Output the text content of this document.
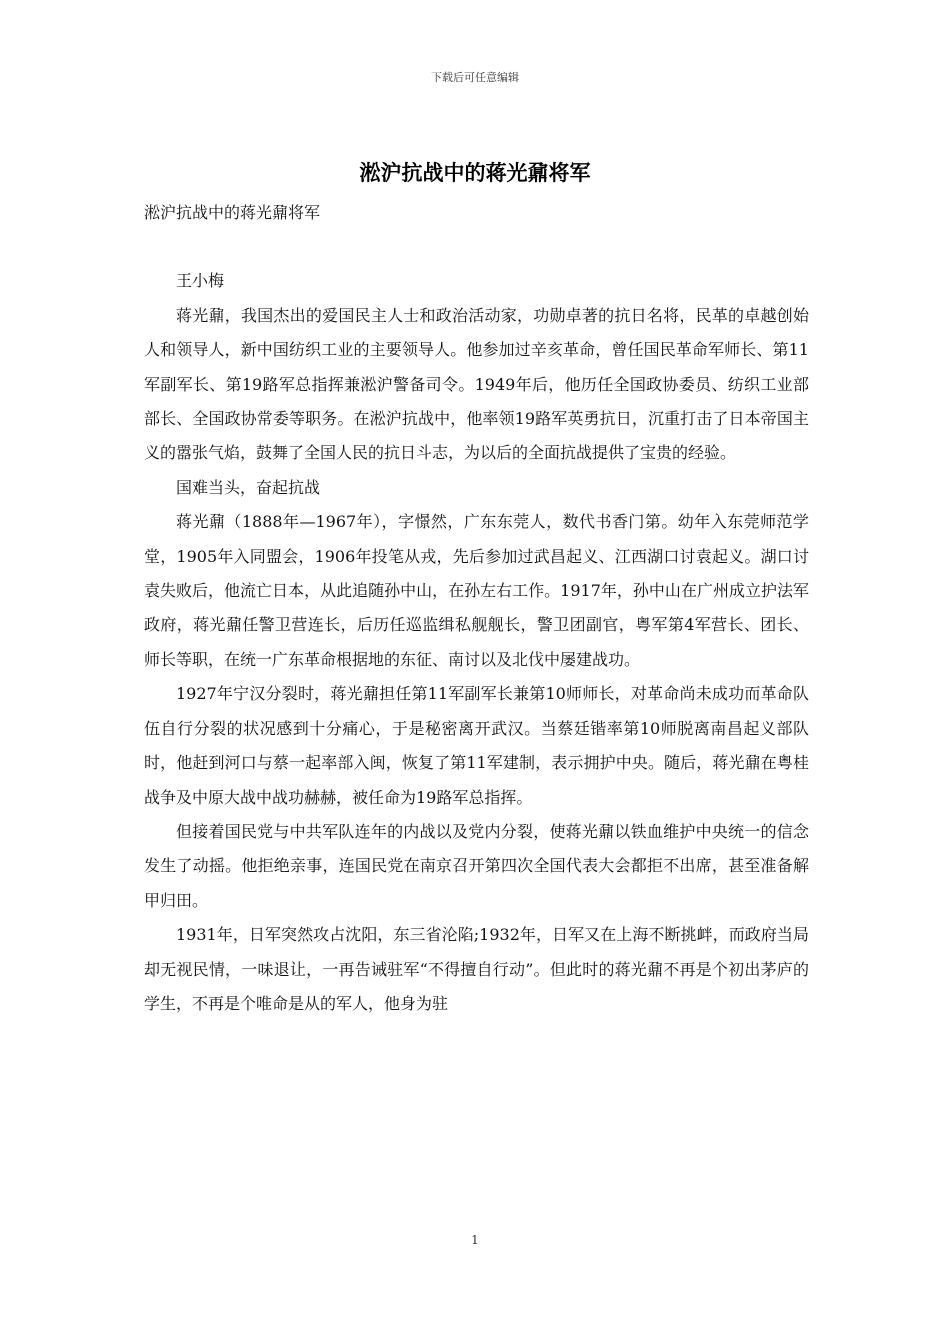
下载后可任意编辑
淞沪抗战中的蒋光鼐将军

淞沪抗战中的蒋光鼐将军

王小梅

蒋光鼐，我国杰出的爱国民主人士和政治活动家，功勋卓著的抗日名将，民革的卓越创始人和领导人，新中国纺织工业的主要领导人。他参加过辛亥革命，曾任国民革命军师长、第11军副军长、第19路军总指挥兼淞沪警备司令。1949年后，他历任全国政协委员、纺织工业部部长、全国政协常委等职务。在淞沪抗战中，他率领19路军英勇抗日，沉重打击了日本帝国主义的嚣张气焰，鼓舞了全国人民的抗日斗志，为以后的全面抗战提供了宝贵的经验。

国难当头，奋起抗战

蒋光鼐（1888年—1967年），字憬然，广东东莞人，数代书香门第。幼年入东莞师范学堂，1905年入同盟会，1906年投笔从戎，先后参加过武昌起义、江西湖口讨袁起义。湖口讨袁失败后，他流亡日本，从此追随孙中山，在孙左右工作。1917年，孙中山在广州成立护法军政府，蒋光鼐任警卫营连长，后历任巡监缉私舰舰长，警卫团副官，粤军第4军营长、团长、师长等职，在统一广东革命根据地的东征、南讨以及北伐中屡建战功。

1927年宁汉分裂时，蒋光鼐担任第11军副军长兼第10师师长，对革命尚未成功而革命队伍自行分裂的状况感到十分痛心，于是秘密离开武汉。当蔡廷锴率第10师脱离南昌起义部队时，他赶到河口与蔡一起率部入闽，恢复了第11军建制，表示拥护中央。随后，蒋光鼐在粤桂战争及中原大战中战功赫赫，被任命为19路军总指挥。

但接着国民党与中共军队连年的内战以及党内分裂，使蒋光鼐以铁血维护中央统一的信念发生了动摇。他拒绝亲事，连国民党在南京召开第四次全国代表大会都拒不出席，甚至准备解甲归田。

1931年，日军突然攻占沈阳，东三省沦陷;1932年，日军又在上海不断挑衅，而政府当局却无视民情，一味退让，一再告诫驻军“不得擅自行动”。但此时的蒋光鼐不再是个初出茅庐的学生，不再是个唯命是从的军人，他身为驻

1
